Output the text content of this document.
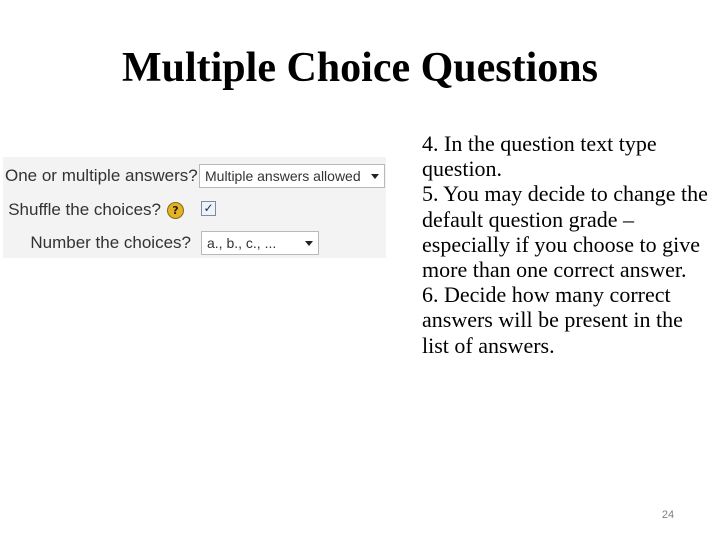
Multiple Choice Questions
One or multiple answers? Multiple answers allowed
Shuffle the choices?	?	✓
Number the choices? a., b., c., ...

4. In the question text type question.

5. You may decide to change the default question grade – especially if you choose to give more than one correct answer.

6. Decide how many correct answers will be present in the list of answers.

24
